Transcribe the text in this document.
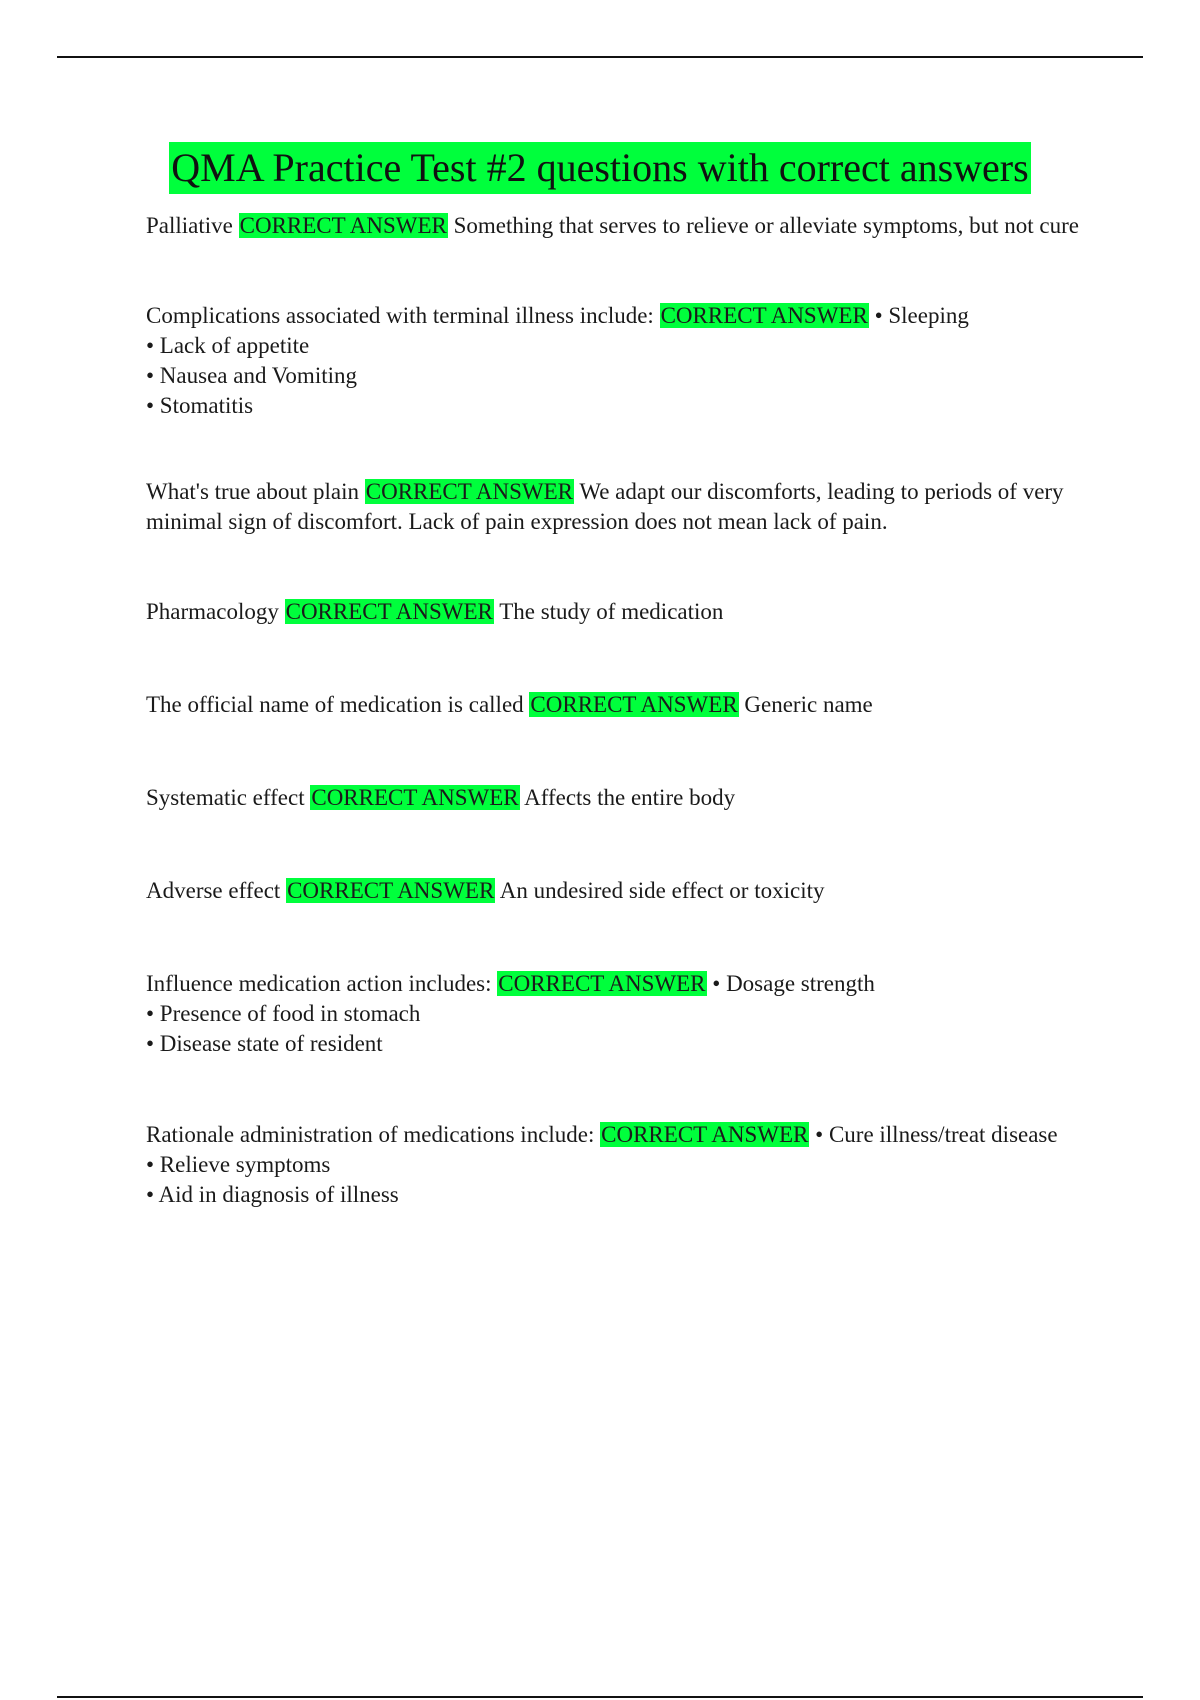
QMA Practice Test #2 questions with correct answers

Palliative CORRECT ANSWER Something that serves to relieve or alleviate symptoms, but not cure

Complications associated with terminal illness include: CORRECT ANSWER • Sleeping

• Lack of appetite

• Nausea and Vomiting

• Stomatitis

What's true about plain CORRECT ANSWER We adapt our discomforts, leading to periods of very minimal sign of discomfort. Lack of pain expression does not mean lack of pain.

Pharmacology CORRECT ANSWER The study of medication

The official name of medication is called CORRECT ANSWER Generic name

Systematic effect CORRECT ANSWER Affects the entire body

Adverse effect CORRECT ANSWER An undesired side effect or toxicity

Influence medication action includes: CORRECT ANSWER • Dosage strength

• Presence of food in stomach

• Disease state of resident

Rationale administration of medications include: CORRECT ANSWER • Cure illness/treat disease

• Relieve symptoms

• Aid in diagnosis of illness
